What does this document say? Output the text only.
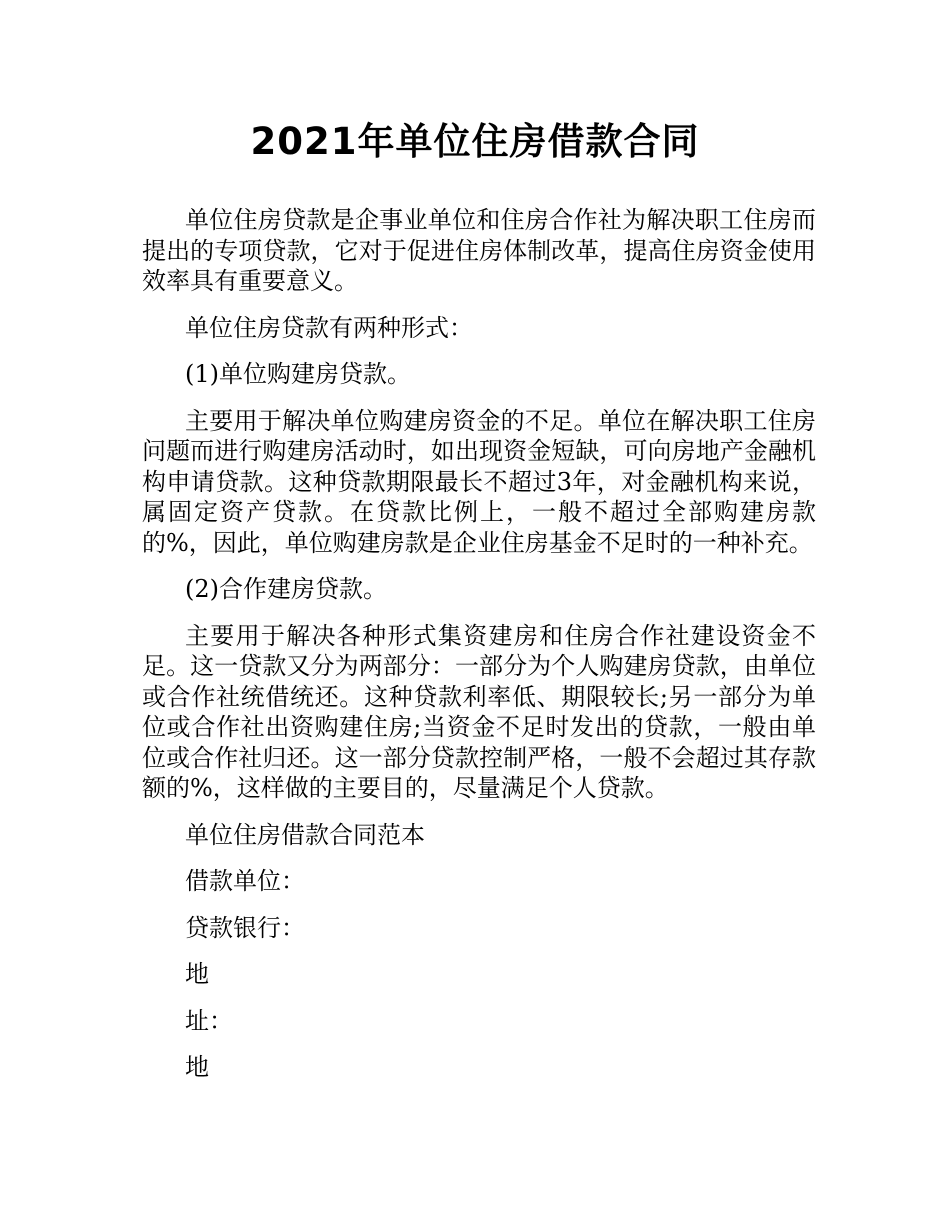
2021年单位住房借款合同

单位住房贷款是企事业单位和住房合作社为解决职工住房而提出的专项贷款，它对于促进住房体制改革，提高住房资金使用效率具有重要意义。

单位住房贷款有两种形式：

(1)单位购建房贷款。

主要用于解决单位购建房资金的不足。单位在解决职工住房问题而进行购建房活动时，如出现资金短缺，可向房地产金融机构申请贷款。这种贷款期限最长不超过3年，对金融机构来说，属固定资产贷款。在贷款比例上，一般不超过全部购建房款的%，因此，单位购建房款是企业住房基金不足时的一种补充。

(2)合作建房贷款。

主要用于解决各种形式集资建房和住房合作社建设资金不足。这一贷款又分为两部分：一部分为个人购建房贷款，由单位或合作社统借统还。这种贷款利率低、期限较长;另一部分为单位或合作社出资购建住房;当资金不足时发出的贷款，一般由单位或合作社归还。这一部分贷款控制严格，一般不会超过其存款额的%，这样做的主要目的，尽量满足个人贷款。

单位住房借款合同范本

借款单位：

贷款银行：

地

址：

地
